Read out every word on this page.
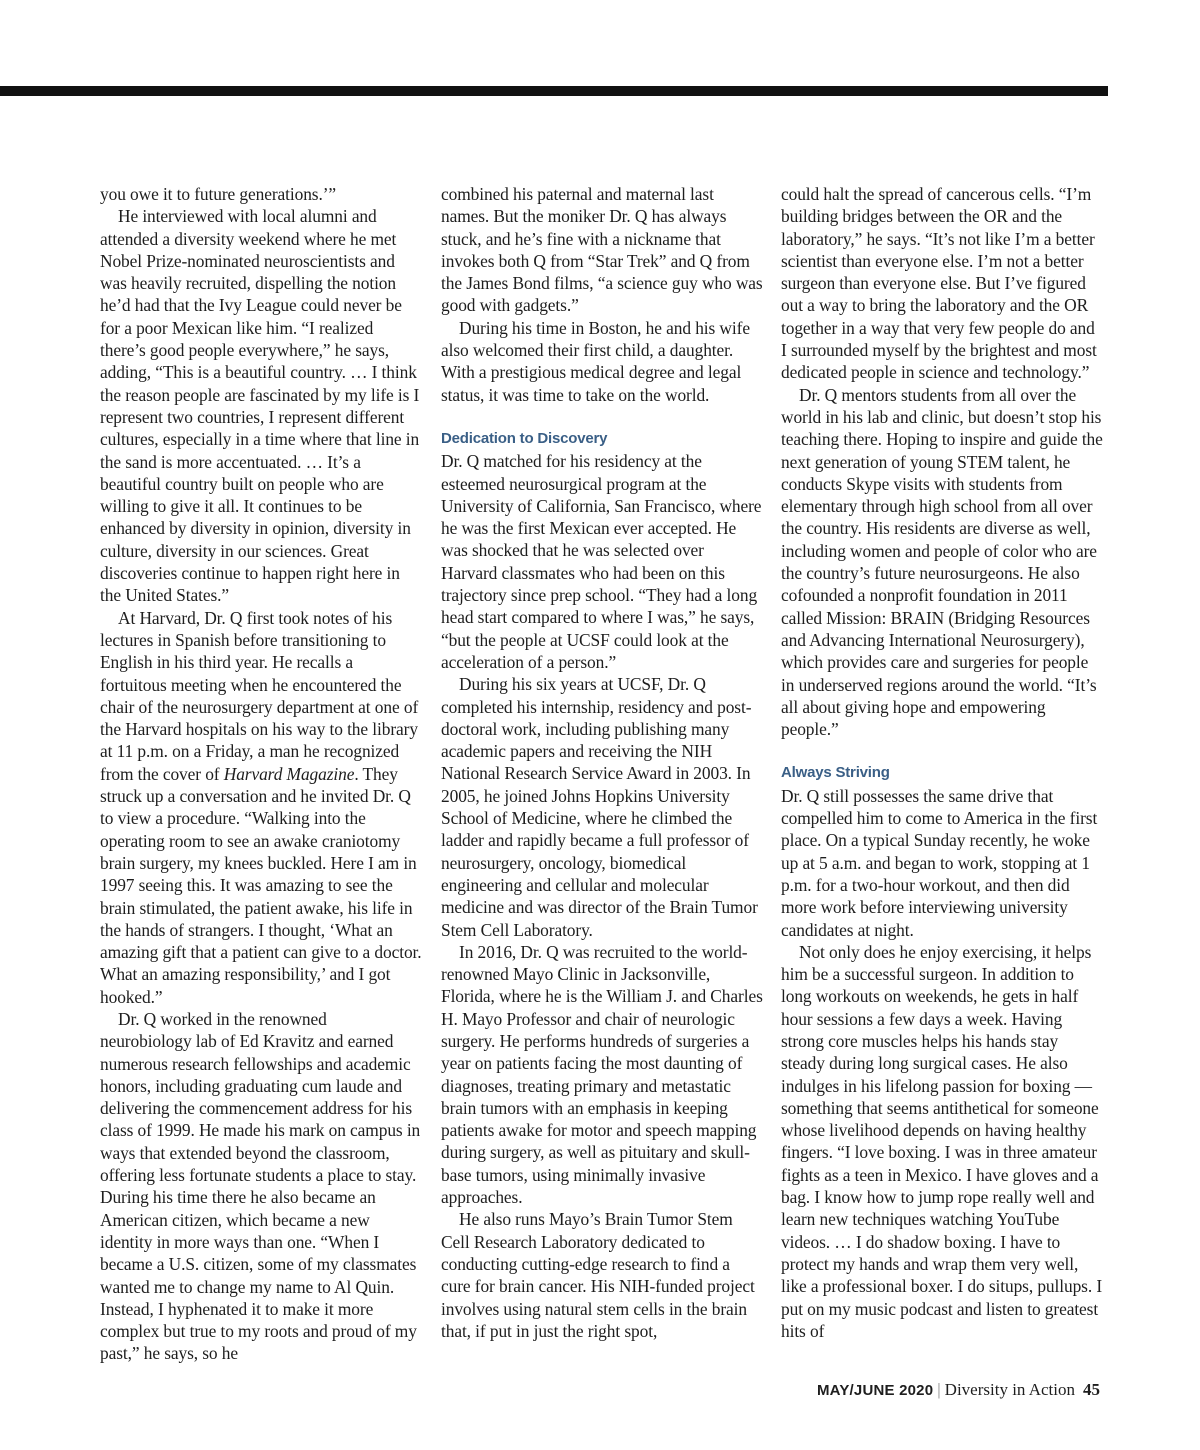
you owe it to future generations.’”

He interviewed with local alumni and attended a diversity weekend where he met Nobel Prize-nominated neuroscientists and was heavily recruited, dispelling the notion he’d had that the Ivy League could never be for a poor Mexican like him. “I realized there’s good people everywhere,” he says, adding, “This is a beautiful country. … I think the reason people are fascinated by my life is I represent two countries, I represent different cultures, especially in a time where that line in the sand is more accentuated. … It’s a beautiful country built on people who are willing to give it all. It continues to be enhanced by diversity in opinion, diversity in culture, diversity in our sciences. Great discoveries continue to happen right here in the United States.”

At Harvard, Dr. Q first took notes of his lectures in Spanish before transitioning to English in his third year. He recalls a fortuitous meeting when he encountered the chair of the neurosurgery department at one of the Harvard hospitals on his way to the library at 11 p.m. on a Friday, a man he recognized from the cover of Harvard Magazine. They struck up a conversation and he invited Dr. Q to view a procedure. “Walking into the operating room to see an awake craniotomy brain surgery, my knees buckled. Here I am in 1997 seeing this. It was amazing to see the brain stimulated, the patient awake, his life in the hands of strangers. I thought, ‘What an amazing gift that a patient can give to a doctor. What an amazing responsibility,’ and I got hooked.”

Dr. Q worked in the renowned neurobiology lab of Ed Kravitz and earned numerous research fellowships and academic honors, including graduating cum laude and delivering the commencement address for his class of 1999. He made his mark on campus in ways that extended beyond the classroom, offering less fortunate students a place to stay. During his time there he also became an American citizen, which became a new identity in more ways than one. “When I became a U.S. citizen, some of my classmates wanted me to change my name to Al Quin. Instead, I hyphenated it to make it more complex but true to my roots and proud of my past,” he says, so he

combined his paternal and maternal last names. But the moniker Dr. Q has always stuck, and he’s fine with a nickname that invokes both Q from “Star Trek” and Q from the James Bond films, “a science guy who was good with gadgets.”

During his time in Boston, he and his wife also welcomed their first child, a daughter. With a prestigious medical degree and legal status, it was time to take on the world.

Dedication to Discovery

Dr. Q matched for his residency at the esteemed neurosurgical program at the University of California, San Francisco, where he was the first Mexican ever accepted. He was shocked that he was selected over Harvard classmates who had been on this trajectory since prep school. “They had a long head start compared to where I was,” he says, “but the people at UCSF could look at the acceleration of a person.”

During his six years at UCSF, Dr. Q completed his internship, residency and post-doctoral work, including publishing many academic papers and receiving the NIH National Research Service Award in 2003. In 2005, he joined Johns Hopkins University School of Medicine, where he climbed the ladder and rapidly became a full professor of neurosurgery, oncology, biomedical engineering and cellular and molecular medicine and was director of the Brain Tumor Stem Cell Laboratory.

In 2016, Dr. Q was recruited to the world-renowned Mayo Clinic in Jacksonville, Florida, where he is the William J. and Charles H. Mayo Professor and chair of neurologic surgery. He performs hundreds of surgeries a year on patients facing the most daunting of diagnoses, treating primary and metastatic brain tumors with an emphasis in keeping patients awake for motor and speech mapping during surgery, as well as pituitary and skull-base tumors, using minimally invasive approaches.

He also runs Mayo’s Brain Tumor Stem Cell Research Laboratory dedicated to conducting cutting-edge research to find a cure for brain cancer. His NIH-funded project involves using natural stem cells in the brain that, if put in just the right spot,

could halt the spread of cancerous cells. “I’m building bridges between the OR and the laboratory,” he says. “It’s not like I’m a better scientist than everyone else. I’m not a better surgeon than everyone else. But I’ve figured out a way to bring the laboratory and the OR together in a way that very few people do and I surrounded myself by the brightest and most dedicated people in science and technology.”

Dr. Q mentors students from all over the world in his lab and clinic, but doesn’t stop his teaching there. Hoping to inspire and guide the next generation of young STEM talent, he conducts Skype visits with students from elementary through high school from all over the country. His residents are diverse as well, including women and people of color who are the country’s future neurosurgeons. He also cofounded a nonprofit foundation in 2011 called Mission: BRAIN (Bridging Resources and Advancing International Neurosurgery), which provides care and surgeries for people in underserved regions around the world. “It’s all about giving hope and empowering people.”

Always Striving

Dr. Q still possesses the same drive that compelled him to come to America in the first place. On a typical Sunday recently, he woke up at 5 a.m. and began to work, stopping at 1 p.m. for a two-hour workout, and then did more work before interviewing university candidates at night.

Not only does he enjoy exercising, it helps him be a successful surgeon. In addition to long workouts on weekends, he gets in half hour sessions a few days a week. Having strong core muscles helps his hands stay steady during long surgical cases. He also indulges in his lifelong passion for boxing — something that seems antithetical for someone whose livelihood depends on having healthy fingers. “I love boxing. I was in three amateur fights as a teen in Mexico. I have gloves and a bag. I know how to jump rope really well and learn new techniques watching YouTube videos. … I do shadow boxing. I have to protect my hands and wrap them very well, like a professional boxer. I do situps, pullups. I put on my music podcast and listen to greatest hits of

MAY/JUNE 2020 | Diversity in Action 45
